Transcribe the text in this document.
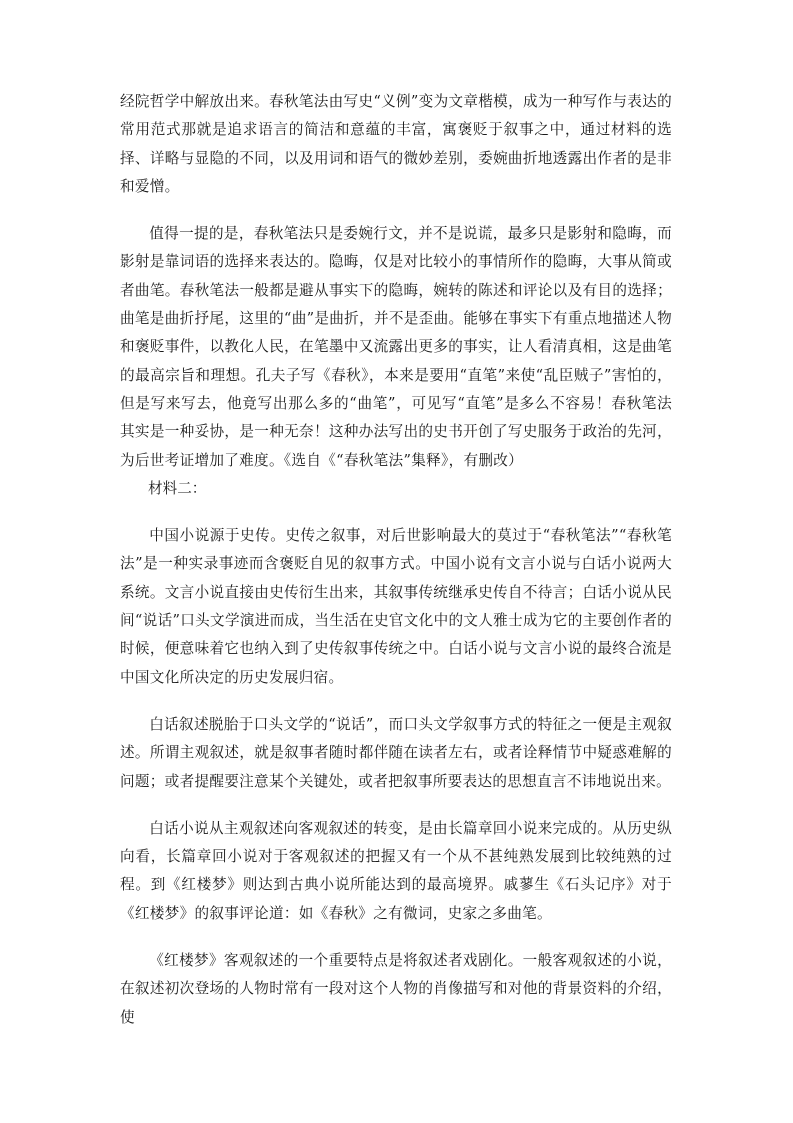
经院哲学中解放出来。春秋笔法由写史“义例”变为文章楷模，成为一种写作与表达的常用范式那就是追求语言的简洁和意蕴的丰富，寓褒贬于叙事之中，通过材料的选择、详略与显隐的不同，以及用词和语气的微妙差别，委婉曲折地透露出作者的是非和爱憎。

值得一提的是，春秋笔法只是委婉行文，并不是说谎，最多只是影射和隐晦，而影射是靠词语的选择来表达的。隐晦，仅是对比较小的事情所作的隐晦，大事从简或者曲笔。春秋笔法一般都是避从事实下的隐晦，婉转的陈述和评论以及有目的选择；曲笔是曲折抒尾，这里的“曲”是曲折，并不是歪曲。能够在事实下有重点地描述人物和褒贬事件，以教化人民，在笔墨中又流露出更多的事实，让人看清真相，这是曲笔的最高宗旨和理想。孔夫子写《春秋》，本来是要用“直笔”来使“乱臣贼子”害怕的，但是写来写去，他竟写出那么多的“曲笔”，可见写“直笔”是多么不容易！春秋笔法其实是一种妥协，是一种无奈！这种办法写出的史书开创了写史服务于政治的先河，为后世考证增加了难度。《选自《“春秋笔法”集释》，有删改）

材料二：

中国小说源于史传。史传之叙事，对后世影响最大的莫过于“春秋笔法”“春秋笔法”是一种实录事迹而含褒贬自见的叙事方式。中国小说有文言小说与白话小说两大系统。文言小说直接由史传衍生出来，其叙事传统继承史传自不待言；白话小说从民间“说话”口头文学演进而成，当生活在史官文化中的文人雅士成为它的主要创作者的时候，便意味着它也纳入到了史传叙事传统之中。白话小说与文言小说的最终合流是中国文化所决定的历史发展归宿。

白话叙述脱胎于口头文学的“说话”，而口头文学叙事方式的特征之一便是主观叙述。所谓主观叙述，就是叙事者随时都伴随在读者左右，或者诠释情节中疑惑难解的问题；或者提醒要注意某个关键处，或者把叙事所要表达的思想直言不讳地说出来。

白话小说从主观叙述向客观叙述的转变，是由长篇章回小说来完成的。从历史纵向看，长篇章回小说对于客观叙述的把握又有一个从不甚纯熟发展到比较纯熟的过程。到《红楼梦》则达到古典小说所能达到的最高境界。戚蓼生《石头记序》对于《红楼梦》的叙事评论道：如《春秋》之有微词，史家之多曲笔。

《红楼梦》客观叙述的一个重要特点是将叙述者戏剧化。一般客观叙述的小说，在叙述初次登场的人物时常有一段对这个人物的肖像描写和对他的背景资料的介绍，使
